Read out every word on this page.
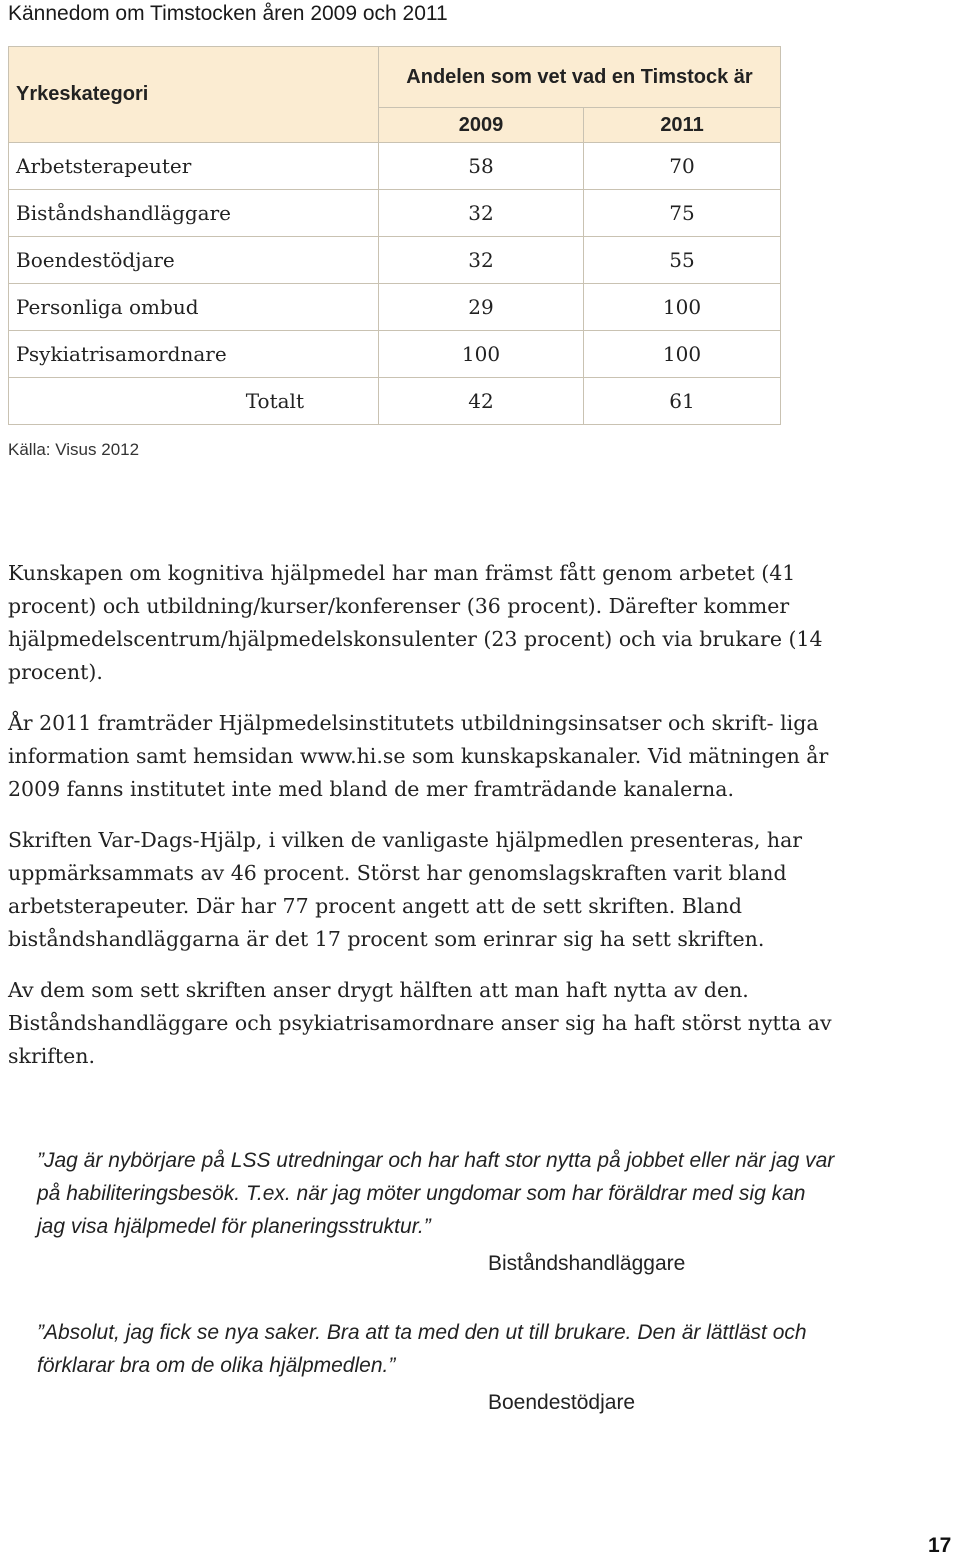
Kännedom om Timstocken åren 2009 och 2011
Yrkeskategori	Andelen som vet vad en Timstock är	
	2009	2011
Arbetsterapeuter	58	70
Biståndshandläggare	32	75
Boendestödjare	32	55
Personliga ombud	29	100
Psykiatrisamordnare	100	100
Totalt	42	61
Källa: Visus 2012

Kunskapen om kognitiva hjälpmedel har man främst fått genom arbetet (41 procent) och utbildning/kurser/konferenser (36 procent). Därefter kommer hjälpmedelscentrum/hjälpmedelskonsulenter (23 procent) och via brukare (14 procent).

År 2011 framträder Hjälpmedelsinstitutets utbildningsinsatser och skrift- liga information samt hemsidan www.hi.se som kunskapskanaler. Vid mätningen år 2009 fanns institutet inte med bland de mer framträdande kanalerna.

Skriften Var-Dags-Hjälp, i vilken de vanligaste hjälpmedlen presenteras, har uppmärksammats av 46 procent. Störst har genomslagskraften varit bland arbetsterapeuter. Där har 77 procent angett att de sett skriften. Bland biståndshandläggarna är det 17 procent som erinrar sig ha sett skriften.

Av dem som sett skriften anser drygt hälften att man haft nytta av den. Biståndshandläggare och psykiatrisamordnare anser sig ha haft störst nytta av skriften.

”Jag är nybörjare på LSS utredningar och har haft stor nytta på jobbet eller när jag var på habiliteringsbesök. T.ex. när jag möter ungdomar som har föräldrar med sig kan jag visa hjälpmedel för planeringsstruktur.”
Biståndshandläggare
”Absolut, jag fick se nya saker. Bra att ta med den ut till brukare. Den är lättläst och förklarar bra om de olika hjälpmedlen.”
Boendestödjare
17
